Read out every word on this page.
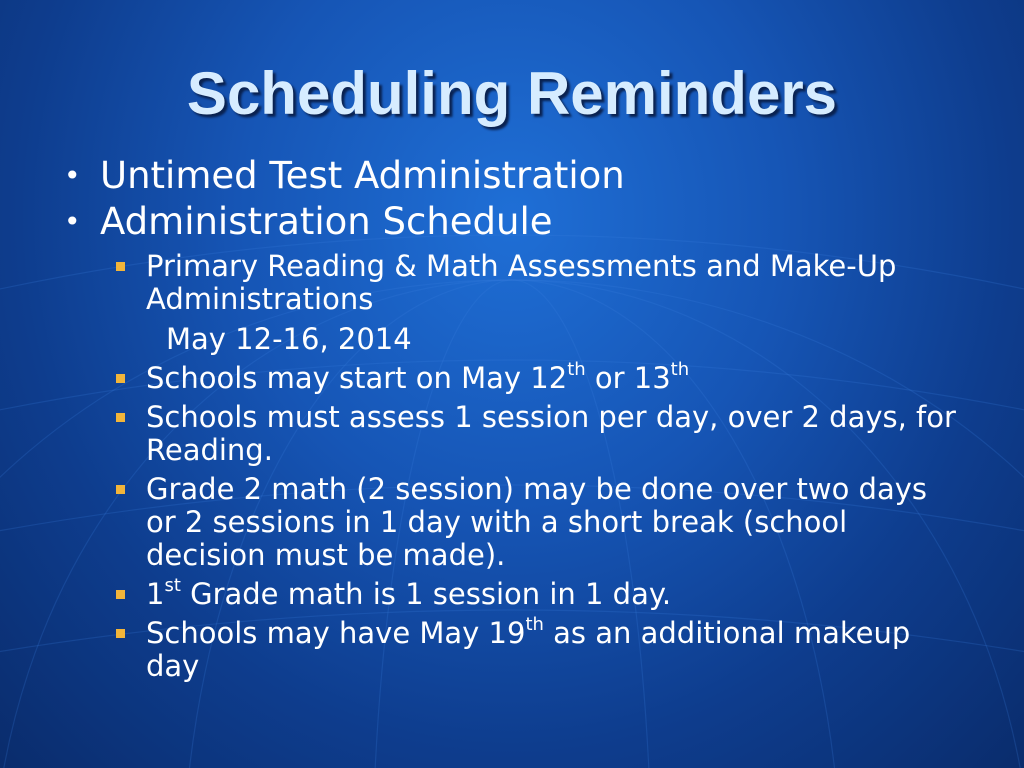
Scheduling Reminders
• Untimed Test Administration
• Administration Schedule
Primary Reading & Math Assessments and Make-Up Administrations
May 12-16, 2014
Schools may start on May 12th or 13th
Schools must assess 1 session per day, over 2 days, for Reading.
Grade 2 math (2 session) may be done over two days or 2 sessions in 1 day with a short break (school decision must be made).
1st Grade math is 1 session in 1 day.
Schools may have May 19th as an additional makeup day
